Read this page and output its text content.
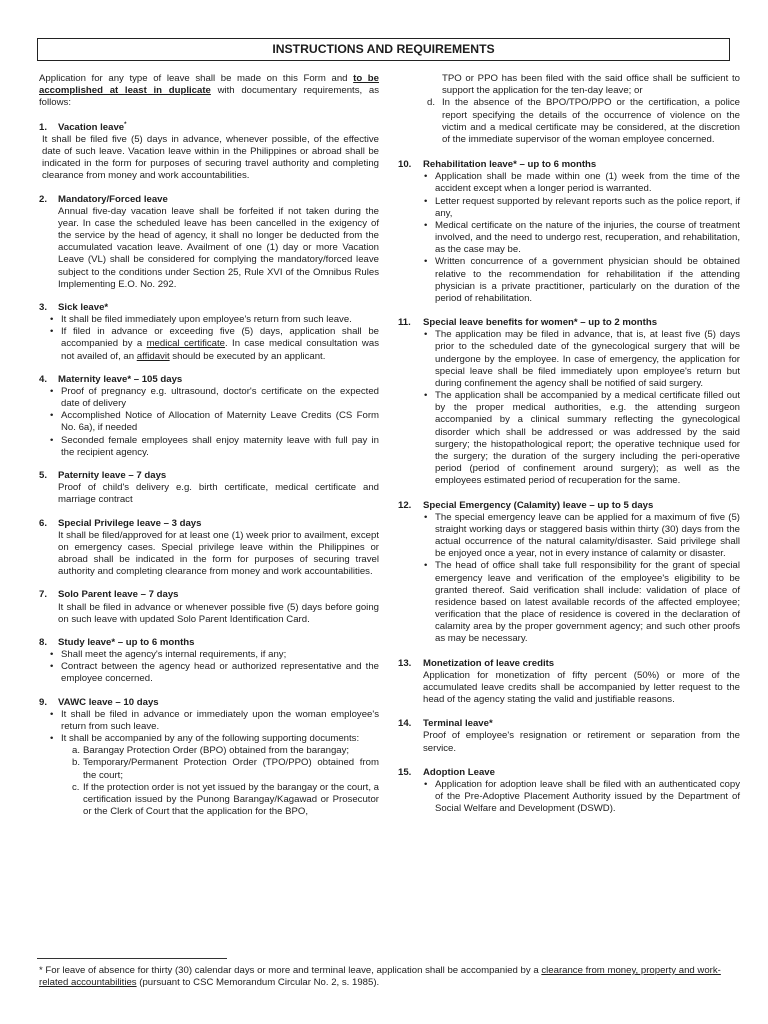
INSTRUCTIONS AND REQUIREMENTS

Application for any type of leave shall be made on this Form and to be accomplished at least in duplicate with documentary requirements, as follows:

1.	Vacation leave*

It shall be filed five (5) days in advance, whenever possible, of the effective date of such leave. Vacation leave within in the Philippines or abroad shall be indicated in the form for purposes of securing travel authority and completing clearance from money and work accountabilities.

2.	Mandatory/Forced leave

Annual five-day vacation leave shall be forfeited if not taken during the year. In case the scheduled leave has been cancelled in the exigency of the service by the head of agency, it shall no longer be deducted from the accumulated vacation leave. Availment of one (1) day or more Vacation Leave (VL) shall be considered for complying the mandatory/forced leave subject to the conditions under Section 25, Rule XVI of the Omnibus Rules Implementing E.O. No. 292.

3.	Sick leave*
• It shall be filed immediately upon employee's return from such leave.
• If filed in advance or exceeding five (5) days, application shall be accompanied by a medical certificate. In case medical consultation was not availed of, an affidavit should be executed by an applicant.
4.	Maternity leave* – 105 days
• Proof of pregnancy e.g. ultrasound, doctor's certificate on the expected date of delivery
• Accomplished Notice of Allocation of Maternity Leave Credits (CS Form No. 6a), if needed
• Seconded female employees shall enjoy maternity leave with full pay in the recipient agency.
5.	Paternity leave – 7 days

Proof of child's delivery e.g. birth certificate, medical certificate and marriage contract

6.	Special Privilege leave – 3 days

It shall be filed/approved for at least one (1) week prior to availment, except on emergency cases. Special privilege leave within the Philippines or abroad shall be indicated in the form for purposes of securing travel authority and completing clearance from money and work accountabilities.

7.	Solo Parent leave – 7 days

It shall be filed in advance or whenever possible five (5) days before going on such leave with updated Solo Parent Identification Card.

8.	Study leave* – up to 6 months
• Shall meet the agency's internal requirements, if any;
• Contract between the agency head or authorized representative and the employee concerned.
9.	VAWC leave – 10 days
• It shall be filed in advance or immediately upon the woman employee's return from such leave.
• It shall be accompanied by any of the following supporting documents:
a. Barangay Protection Order (BPO) obtained from the barangay;
b. Temporary/Permanent Protection Order (TPO/PPO) obtained from the court;
c. If the protection order is not yet issued by the barangay or the court, a certification issued by the Punong Barangay/Kagawad or Prosecutor or the Clerk of Court that the application for the BPO,

TPO or PPO has been filed with the said office shall be sufficient to support the application for the ten-day leave; or

d. In the absence of the BPO/TPO/PPO or the certification, a police report specifying the details of the occurrence of violence on the victim and a medical certificate may be considered, at the discretion of the immediate supervisor of the woman employee concerned.
10.	Rehabilitation leave* – up to 6 months
• Application shall be made within one (1) week from the time of the accident except when a longer period is warranted.
• Letter request supported by relevant reports such as the police report, if any,
• Medical certificate on the nature of the injuries, the course of treatment involved, and the need to undergo rest, recuperation, and rehabilitation, as the case may be.
• Written concurrence of a government physician should be obtained relative to the recommendation for rehabilitation if the attending physician is a private practitioner, particularly on the duration of the period of rehabilitation.
11.	Special leave benefits for women* – up to 2 months
• The application may be filed in advance, that is, at least five (5) days prior to the scheduled date of the gynecological surgery that will be undergone by the employee. In case of emergency, the application for special leave shall be filed immediately upon employee's return but during confinement the agency shall be notified of said surgery.
• The application shall be accompanied by a medical certificate filled out by the proper medical authorities, e.g. the attending surgeon accompanied by a clinical summary reflecting the gynecological disorder which shall be addressed or was addressed by the said surgery; the histopathological report; the operative technique used for the surgery; the duration of the surgery including the peri-operative period (period of confinement around surgery); as well as the employees estimated period of recuperation for the same.
12.	Special Emergency (Calamity) leave – up to 5 days
• The special emergency leave can be applied for a maximum of five (5) straight working days or staggered basis within thirty (30) days from the actual occurrence of the natural calamity/disaster. Said privilege shall be enjoyed once a year, not in every instance of calamity or disaster.
• The head of office shall take full responsibility for the grant of special emergency leave and verification of the employee's eligibility to be granted thereof. Said verification shall include: validation of place of residence based on latest available records of the affected employee; verification that the place of residence is covered in the declaration of calamity area by the proper government agency; and such other proofs as may be necessary.
13.	Monetization of leave credits

Application for monetization of fifty percent (50%) or more of the accumulated leave credits shall be accompanied by letter request to the head of the agency stating the valid and justifiable reasons.

14.	Terminal leave*

Proof of employee's resignation or retirement or separation from the service.

15.	Adoption Leave
• Application for adoption leave shall be filed with an authenticated copy of the Pre-Adoptive Placement Authority issued by the Department of Social Welfare and Development (DSWD).

* For leave of absence for thirty (30) calendar days or more and terminal leave, application shall be accompanied by a clearance from money, property and work-related accountabilities (pursuant to CSC Memorandum Circular No. 2, s. 1985).
